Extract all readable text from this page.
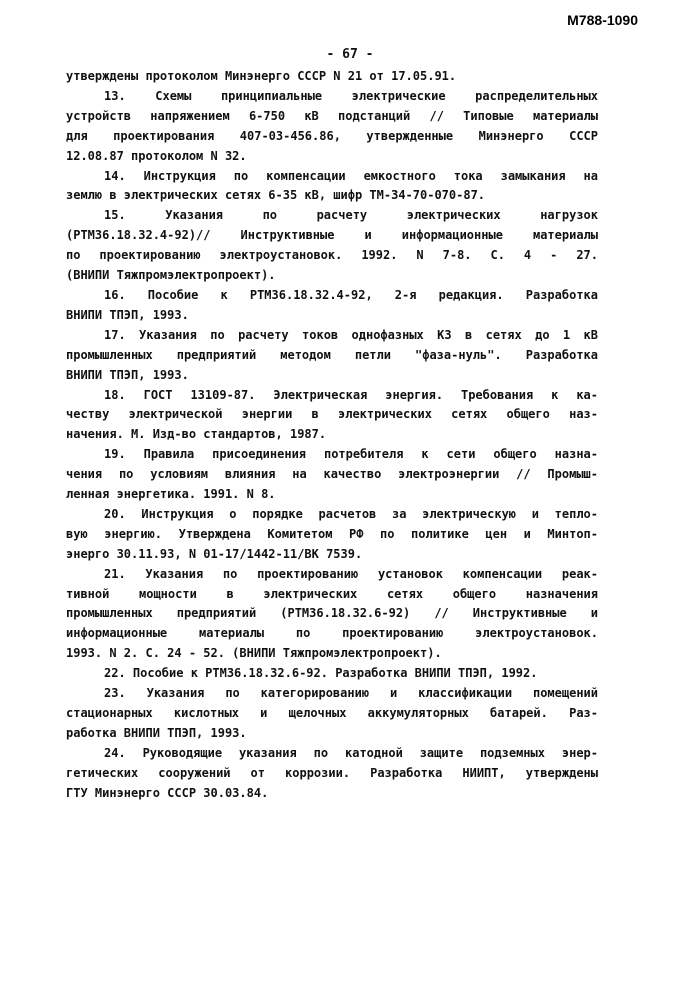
М788-1090
- 67 -
утверждены протоколом Минэнерго СССР N 21 от 17.05.91.
13. Схемы принципиальные электрические распределительных
устройств напряжением 6-750 кВ подстанций // Типовые материалы
для проектирования 407-03-456.86, утвержденные Минэнерго СССР
12.08.87 протоколом N 32.
14. Инструкция по компенсации емкостного тока замыкания на
землю в электрических сетях 6-35 кВ, шифр ТМ-34-70-070-87.
15. Указания по расчету электрических нагрузок
(РТМ36.18.32.4-92)// Инструктивные и информационные материалы
по проектированию электроустановок. 1992. N 7-8. С. 4 - 27.
(ВНИПИ Тяжпромэлектропроект).
16. Пособие к РТМ36.18.32.4-92, 2-я редакция. Разработка
ВНИПИ ТПЭП, 1993.
17. Указания по расчету токов однофазных КЗ в сетях до 1 кВ
промышленных предприятий методом петли "фаза-нуль". Разработка
ВНИПИ ТПЭП, 1993.
18. ГОСТ 13109-87. Электрическая энергия. Требования к ка-
честву электрической энергии в электрических сетях общего наз-
начения. М. Изд-во стандартов, 1987.
19. Правила присоединения потребителя к сети общего назна-
чения по условиям влияния на качество электроэнергии // Промыш-
ленная энергетика. 1991. N 8.
20. Инструкция о порядке расчетов за электрическую и тепло-
вую энергию. Утверждена Комитетом РФ по политике цен и Минтоп-
энерго 30.11.93, N 01-17/1442-11/ВК 7539.
21. Указания по проектированию установок компенсации реак-
тивной мощности в электрических сетях общего назначения
промышленных предприятий (РТМ36.18.32.6-92) // Инструктивные и
информационные материалы по проектированию электроустановок.
1993. N 2. С. 24 - 52. (ВНИПИ Тяжпромэлектропроект).
22. Пособие к РТМ36.18.32.6-92. Разработка ВНИПИ ТПЭП, 1992.
23. Указания по категорированию и классификации помещений
стационарных кислотных и щелочных аккумуляторных батарей. Раз-
работка ВНИПИ ТПЭП, 1993.
24. Руководящие указания по катодной защите подземных энер-
гетических сооружений от коррозии. Разработка НИИПТ, утверждены
ГТУ Минэнерго СССР 30.03.84.
